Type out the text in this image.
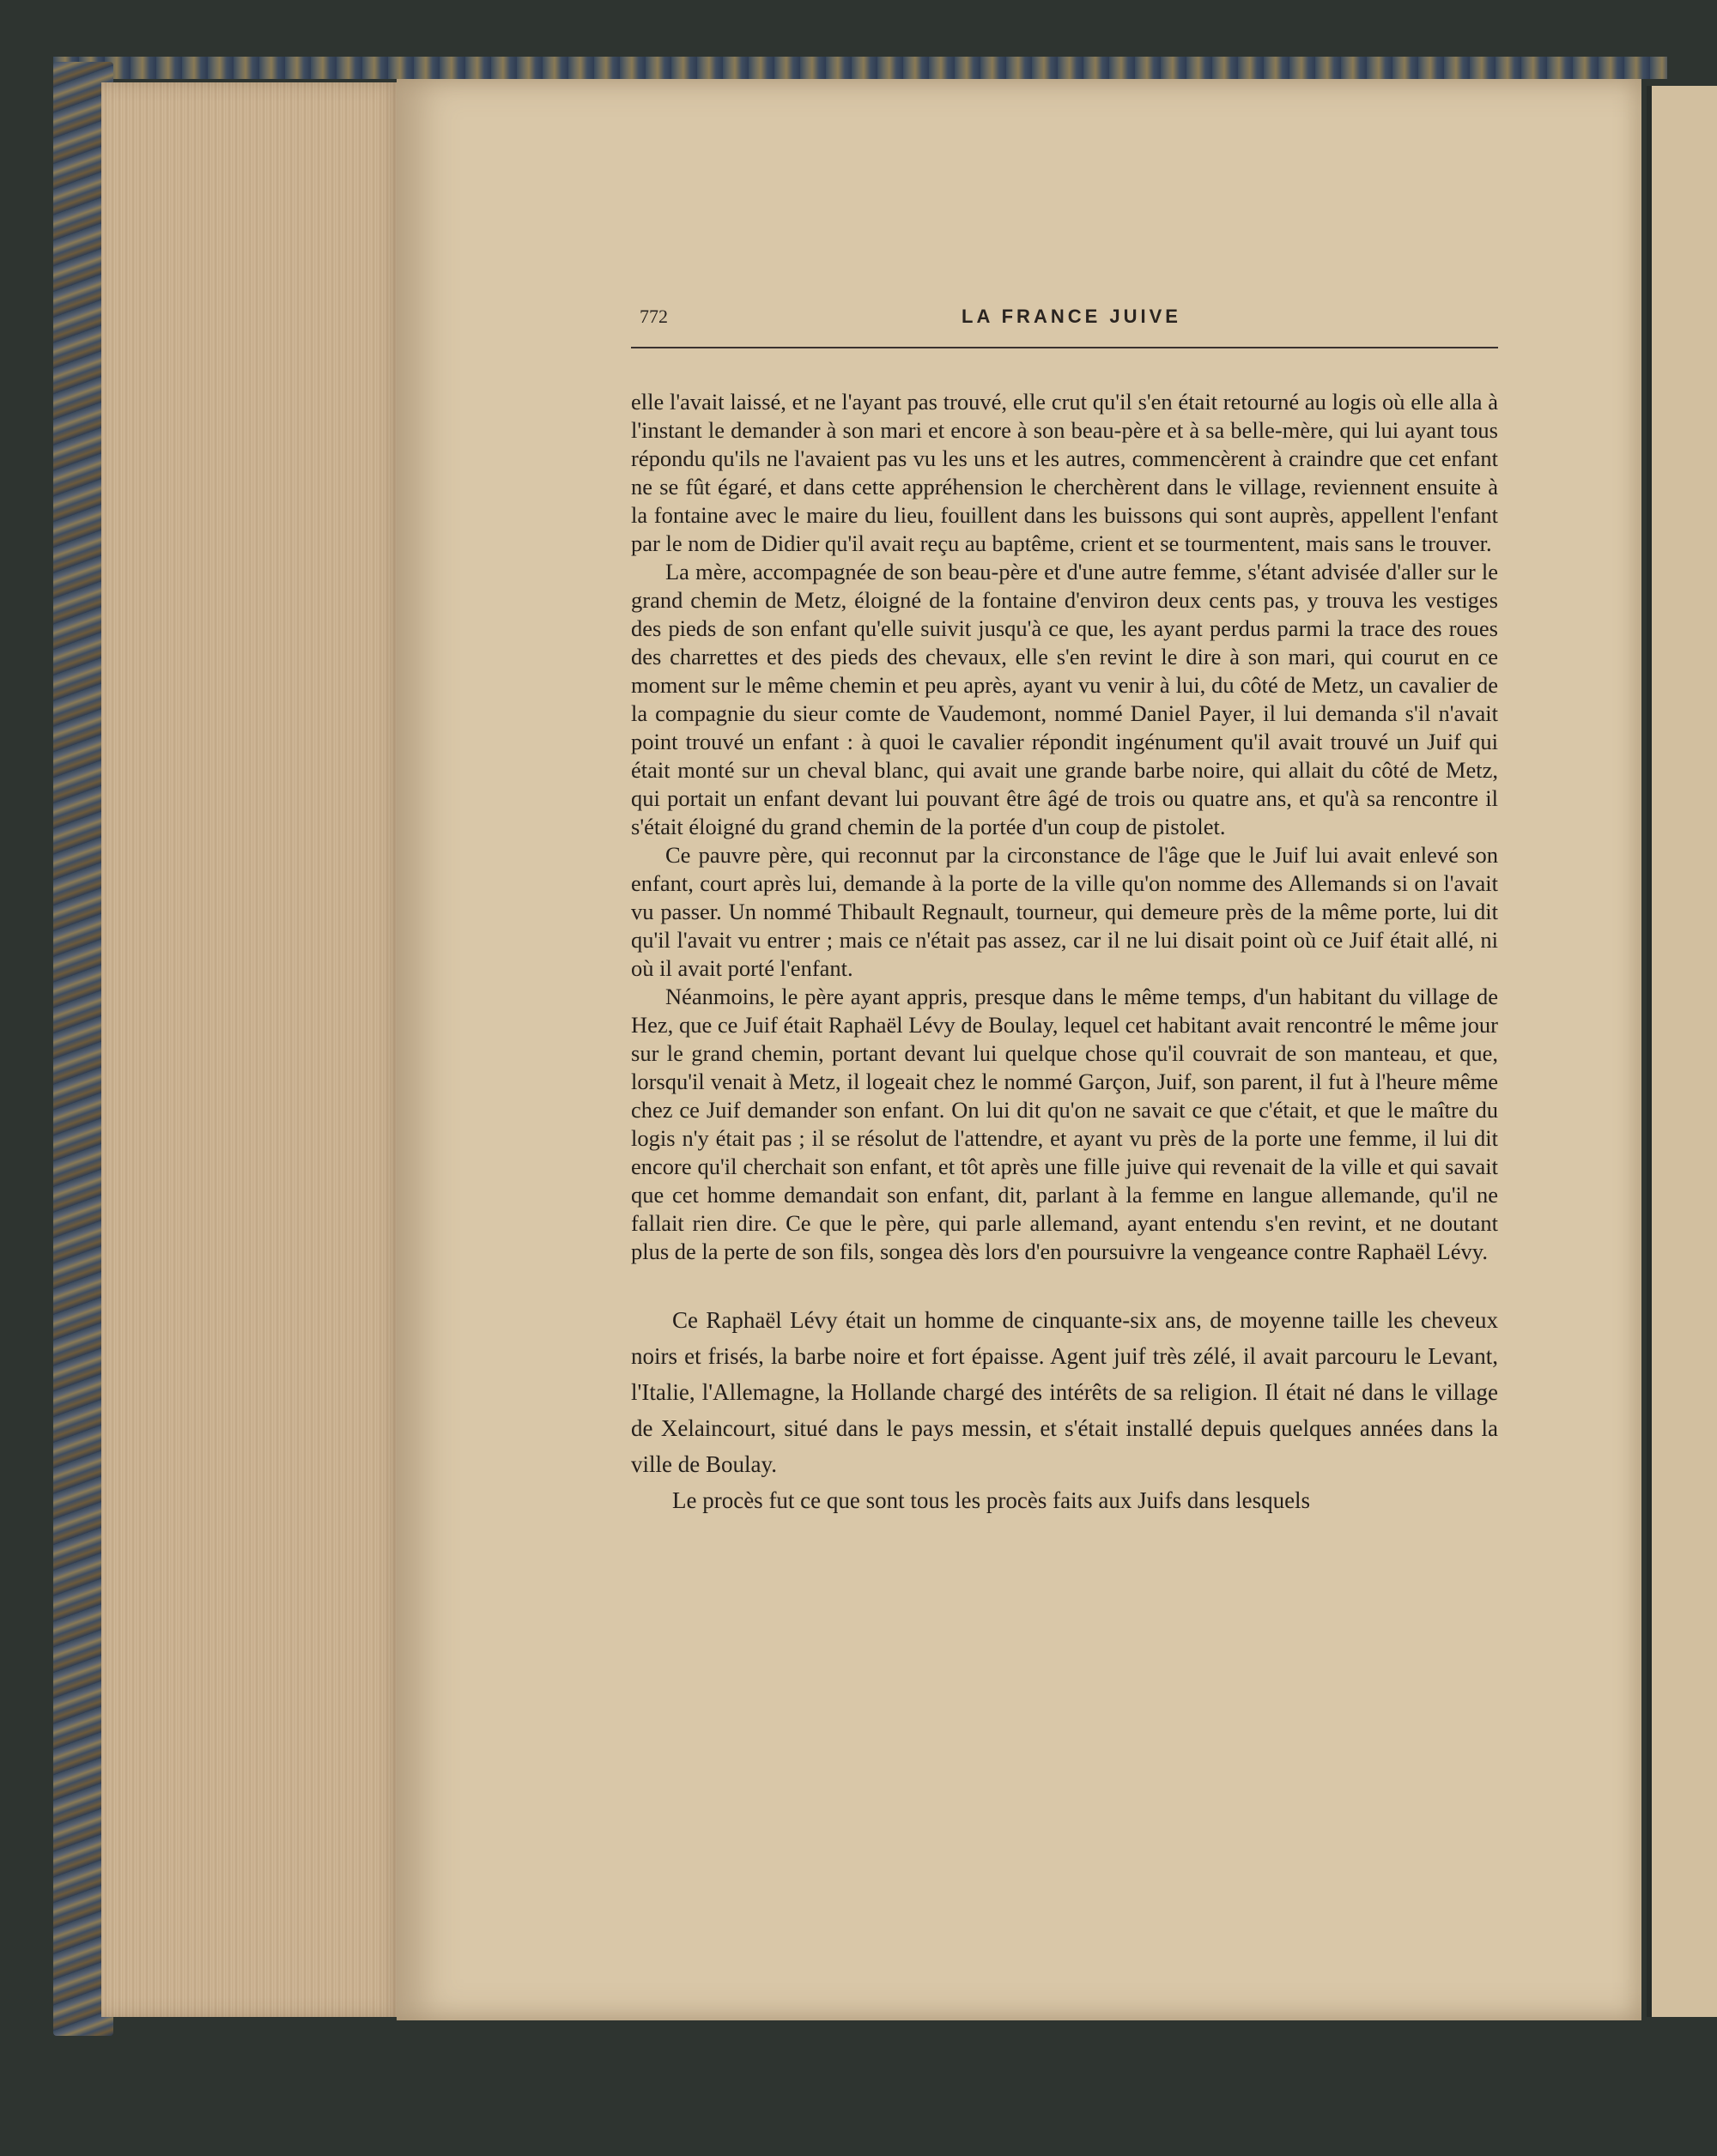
772	LA FRANCE JUIVE

elle l'avait laissé, et ne l'ayant pas trouvé, elle crut qu'il s'en était retourné au logis où elle alla à l'instant le demander à son mari et encore à son beau-père et à sa belle-mère, qui lui ayant tous répondu qu'ils ne l'avaient pas vu les uns et les autres, commencèrent à craindre que cet enfant ne se fût égaré, et dans cette appréhension le cherchèrent dans le village, reviennent ensuite à la fontaine avec le maire du lieu, fouillent dans les buissons qui sont auprès, appellent l'enfant par le nom de Didier qu'il avait reçu au baptême, crient et se tourmentent, mais sans le trouver.

La mère, accompagnée de son beau-père et d'une autre femme, s'étant advisée d'aller sur le grand chemin de Metz, éloigné de la fontaine d'environ deux cents pas, y trouva les vestiges des pieds de son enfant qu'elle suivit jusqu'à ce que, les ayant perdus parmi la trace des roues des charrettes et des pieds des chevaux, elle s'en revint le dire à son mari, qui courut en ce moment sur le même chemin et peu après, ayant vu venir à lui, du côté de Metz, un cavalier de la compagnie du sieur comte de Vaudemont, nommé Daniel Payer, il lui demanda s'il n'avait point trouvé un enfant : à quoi le cavalier répondit ingénument qu'il avait trouvé un Juif qui était monté sur un cheval blanc, qui avait une grande barbe noire, qui allait du côté de Metz, qui portait un enfant devant lui pouvant être âgé de trois ou quatre ans, et qu'à sa rencontre il s'était éloigné du grand chemin de la portée d'un coup de pistolet.

Ce pauvre père, qui reconnut par la circonstance de l'âge que le Juif lui avait enlevé son enfant, court après lui, demande à la porte de la ville qu'on nomme des Allemands si on l'avait vu passer. Un nommé Thibault Regnault, tourneur, qui demeure près de la même porte, lui dit qu'il l'avait vu entrer ; mais ce n'était pas assez, car il ne lui disait point où ce Juif était allé, ni où il avait porté l'enfant.

Néanmoins, le père ayant appris, presque dans le même temps, d'un habitant du village de Hez, que ce Juif était Raphaël Lévy de Boulay, lequel cet habitant avait rencontré le même jour sur le grand chemin, portant devant lui quelque chose qu'il couvrait de son manteau, et que, lorsqu'il venait à Metz, il logeait chez le nommé Garçon, Juif, son parent, il fut à l'heure même chez ce Juif demander son enfant. On lui dit qu'on ne savait ce que c'était, et que le maître du logis n'y était pas ; il se résolut de l'attendre, et ayant vu près de la porte une femme, il lui dit encore qu'il cherchait son enfant, et tôt après une fille juive qui revenait de la ville et qui savait que cet homme demandait son enfant, dit, parlant à la femme en langue allemande, qu'il ne fallait rien dire. Ce que le père, qui parle allemand, ayant entendu s'en revint, et ne doutant plus de la perte de son fils, songea dès lors d'en poursuivre la vengeance contre Raphaël Lévy.

Ce Raphaël Lévy était un homme de cinquante-six ans, de moyenne taille les cheveux noirs et frisés, la barbe noire et fort épaisse. Agent juif très zélé, il avait parcouru le Levant, l'Italie, l'Allemagne, la Hollande chargé des intérêts de sa religion. Il était né dans le village de Xelaincourt, situé dans le pays messin, et s'était installé depuis quelques années dans la ville de Boulay.

Le procès fut ce que sont tous les procès faits aux Juifs dans lesquels
